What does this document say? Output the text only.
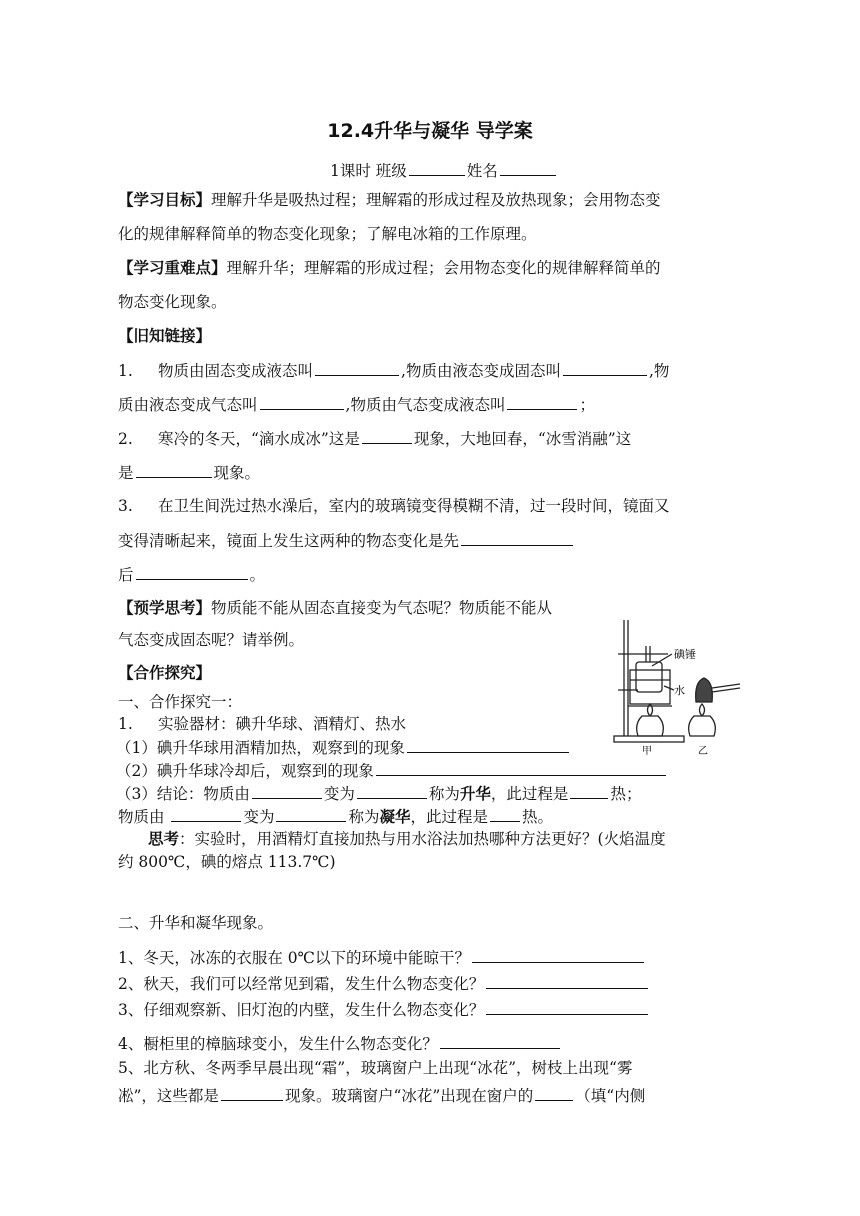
12.4升华与凝华 导学案
1课时 班级	姓名
【学习目标】理解升华是吸热过程；理解霜的形成过程及放热现象；会用物态变
化的规律解释简单的物态变化现象；了解电冰箱的工作原理。
【学习重难点】理解升华；理解霜的形成过程；会用物态变化的规律解释简单的
物态变化现象。
【旧知链接】
1. 物质由固态变成液态叫	,物质由液态变成固态叫	,物
质由液态变成气态叫	,物质由气态变成液态叫	；
2. 寒冷的冬天，“滴水成冰”这是	现象，大地回春，“冰雪消融”这
是	现象。
3. 在卫生间洗过热水澡后，室内的玻璃镜变得模糊不清，过一段时间，镜面又
变得清晰起来，镜面上发生这两种的物态变化是先
后	。
【预学思考】物质能不能从固态直接变为气态呢？物质能不能从
气态变成固态呢？请举例。
【合作探究】
一、合作探究一：
1. 实验器材：碘升华球、酒精灯、热水
（1）碘升华球用酒精加热，观察到的现象
（2）碘升华球冷却后，观察到的现象
（3）结论：物质由	变为	称为升华，此过程是	热；
物质由	变为	称为凝华，此过程是 热。
思考：实验时，用酒精灯直接加热与用水浴法加热哪种方法更好？(火焰温度
约 800℃，碘的熔点 113.7℃)
碘锤
水
甲	乙
二、升华和凝华现象。
1、冬天，冰冻的衣服在 0℃以下的环境中能晾干？
2、秋天，我们可以经常见到霜，发生什么物态变化？
3、仔细观察新、旧灯泡的内壁，发生什么物态变化？
4、橱柜里的樟脑球变小，发生什么物态变化？
5、北方秋、冬两季早晨出现“霜”，玻璃窗户上出现“冰花”，树枝上出现“雾
凇”，这些都是	现象。玻璃窗户“冰花”出现在窗户的	（填“内侧
